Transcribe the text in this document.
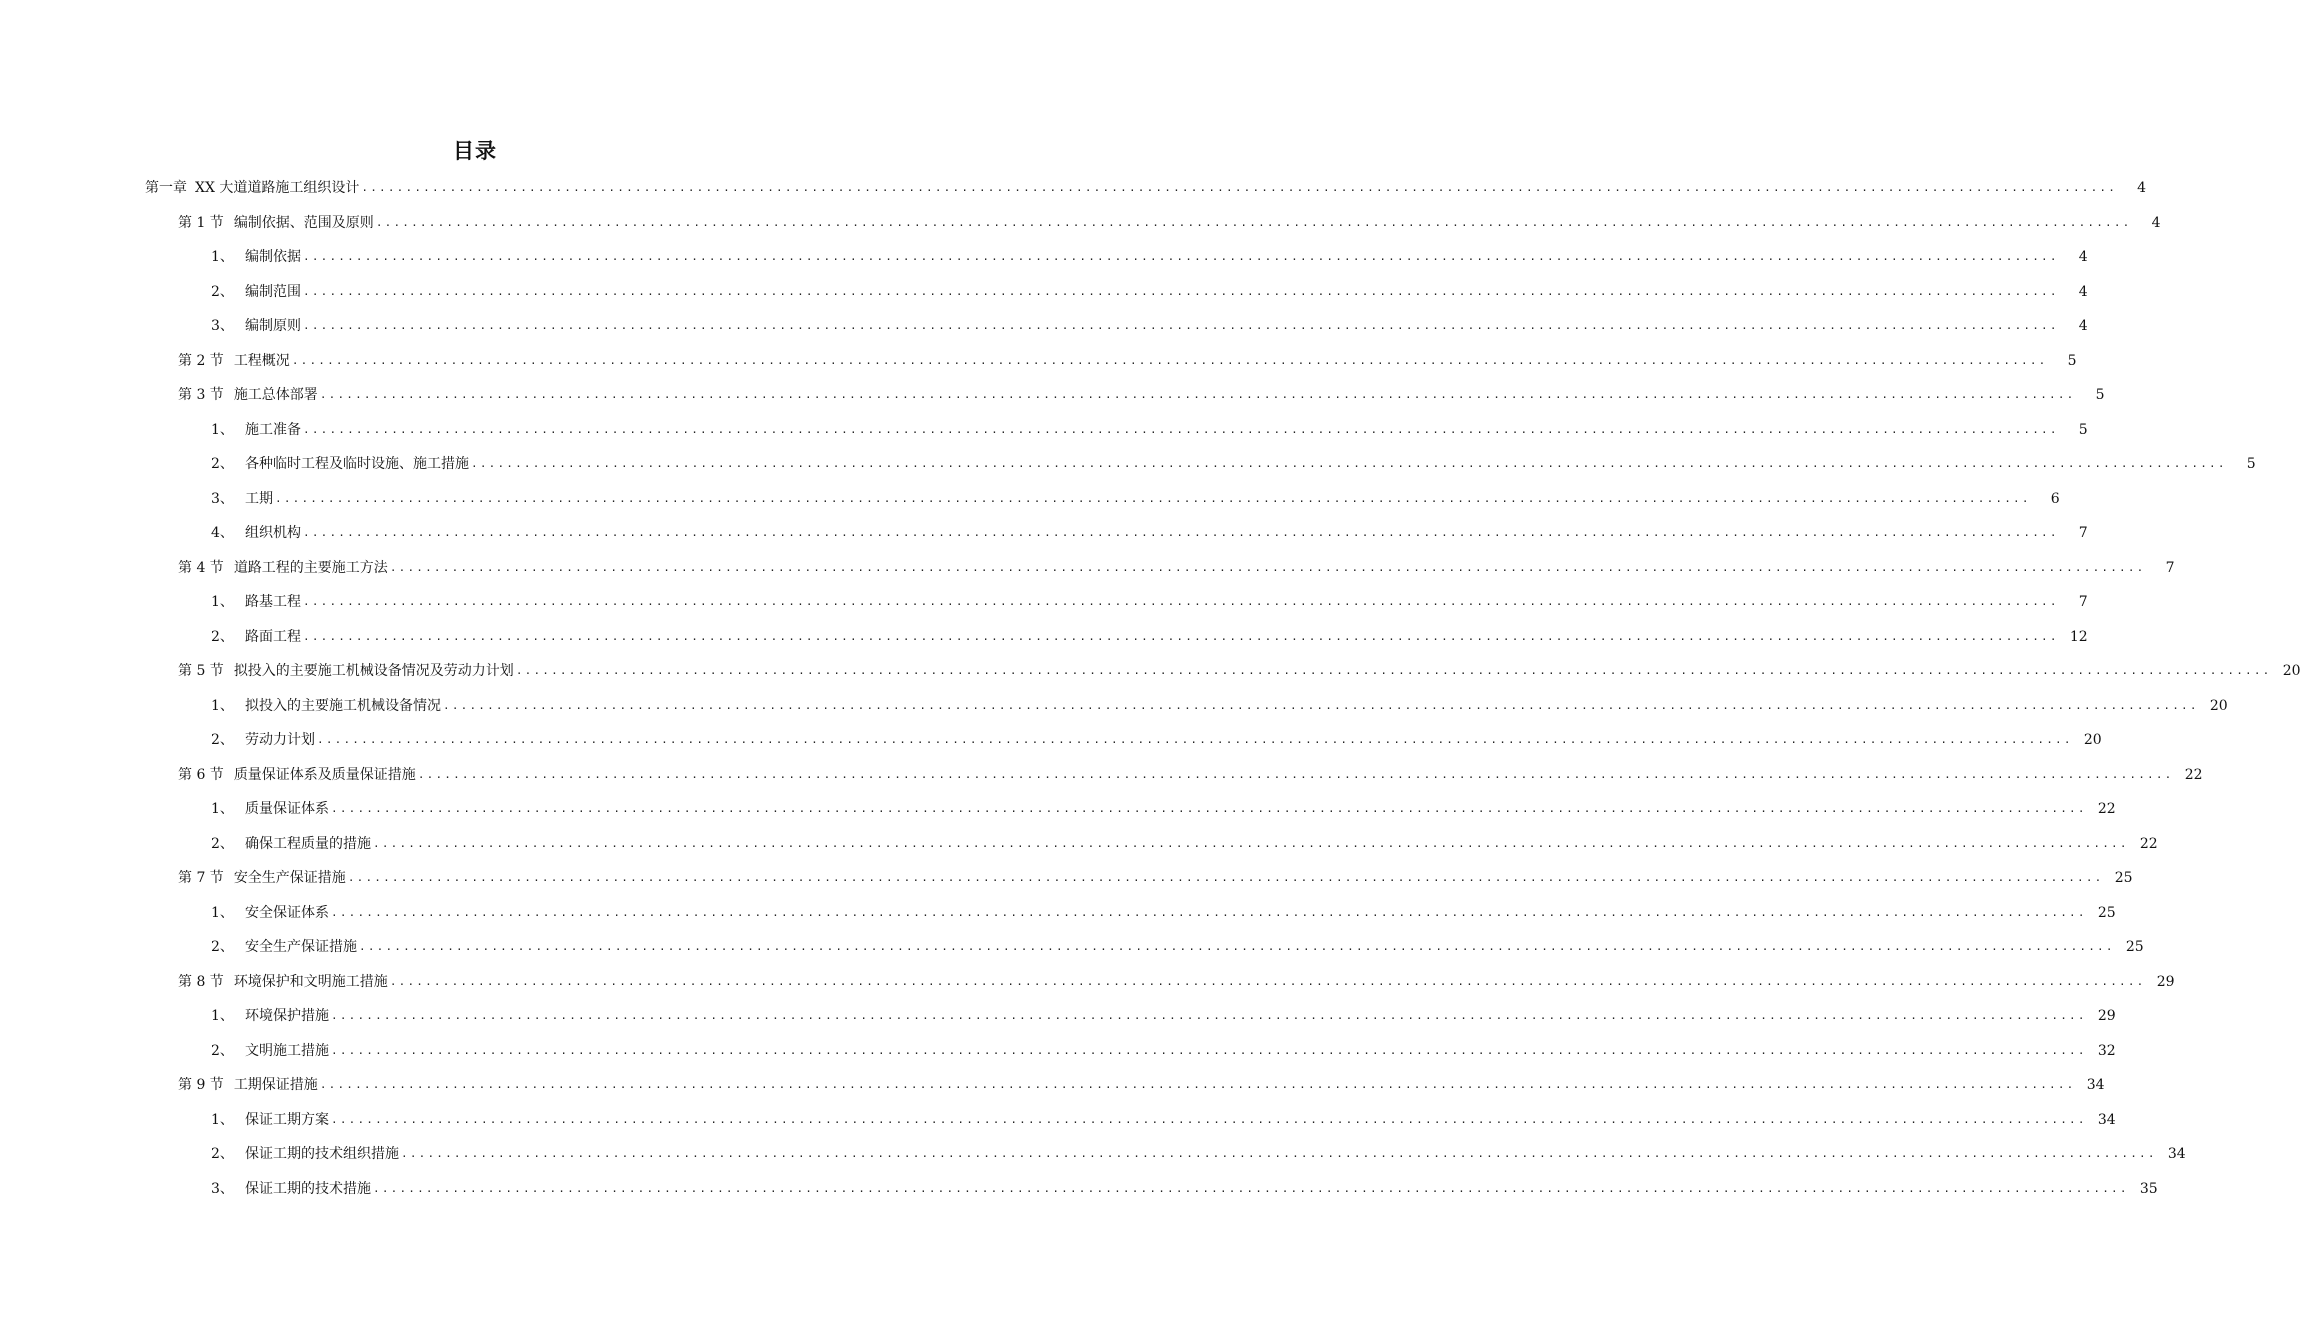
目录
第一章 XX 大道道路施工组织设计 .......................................................................................................................................................................................................	4
第 1 节 编制依据、范围及原则 .......................................................................................................................................................................................................	4
1、 编制依据 .......................................................................................................................................................................................................	4
2、 编制范围 .......................................................................................................................................................................................................	4
3、 编制原则 .......................................................................................................................................................................................................	4
第 2 节 工程概况 .......................................................................................................................................................................................................	5
第 3 节 施工总体部署 .......................................................................................................................................................................................................	5
1、 施工准备 .......................................................................................................................................................................................................	5
2、 各种临时工程及临时设施、施工措施 .......................................................................................................................................................................................................	5
3、 工期 .......................................................................................................................................................................................................	6
4、 组织机构 .......................................................................................................................................................................................................	7
第 4 节 道路工程的主要施工方法 .......................................................................................................................................................................................................	7
1、 路基工程 .......................................................................................................................................................................................................	7
2、 路面工程 ....................................................................................................................................................................................................... 12
第 5 节 拟投入的主要施工机械设备情况及劳动力计划 ....................................................................................................................................................................................................... 20
1、 拟投入的主要施工机械设备情况 ....................................................................................................................................................................................................... 20
2、 劳动力计划 ....................................................................................................................................................................................................... 20
第 6 节 质量保证体系及质量保证措施 ....................................................................................................................................................................................................... 22
1、 质量保证体系 ....................................................................................................................................................................................................... 22
2、 确保工程质量的措施 ....................................................................................................................................................................................................... 22
第 7 节 安全生产保证措施 ....................................................................................................................................................................................................... 25
1、 安全保证体系 ....................................................................................................................................................................................................... 25
2、 安全生产保证措施 ....................................................................................................................................................................................................... 25
第 8 节 环境保护和文明施工措施 ....................................................................................................................................................................................................... 29
1、 环境保护措施 ....................................................................................................................................................................................................... 29
2、 文明施工措施 ....................................................................................................................................................................................................... 32
第 9 节 工期保证措施 ....................................................................................................................................................................................................... 34
1、 保证工期方案 ....................................................................................................................................................................................................... 34
2、 保证工期的技术组织措施 ....................................................................................................................................................................................................... 34
3、 保证工期的技术措施 ....................................................................................................................................................................................................... 35
